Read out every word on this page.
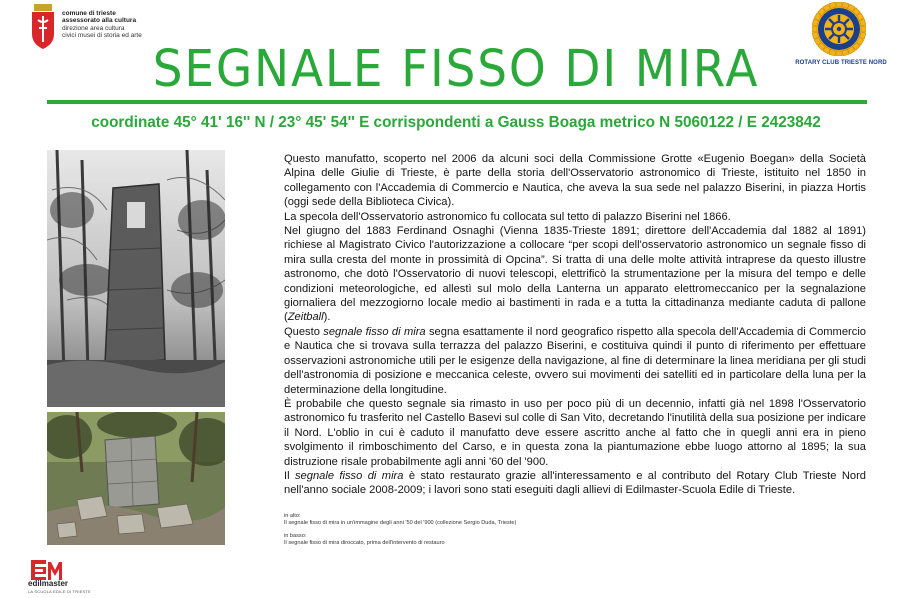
comune di trieste
assessorato alla cultura
direzione area cultura
civici musei di storia ed arte
ROTARY CLUB TRIESTE NORD
SEGNALE FISSO DI MIRA
coordinate 45° 41' 16'' N / 23° 45' 54'' E corrispondenti a Gauss Boaga metrico N 5060122 / E 2423842

Questo manufatto, scoperto nel 2006 da alcuni soci della Commissione Grotte «Eugenio Boegan» della Società Alpina delle Giulie di Trieste, è parte della storia dell'Osservatorio astronomico di Trieste, istituito nel 1850 in collegamento con l'Accademia di Commercio e Nautica, che aveva la sua sede nel palazzo Biserini, in piazza Hortis (oggi sede della Biblioteca Civica).

La specola dell'Osservatorio astronomico fu collocata sul tetto di palazzo Biserini nel 1866.

Nel giugno del 1883 Ferdinand Osnaghi (Vienna 1835-Trieste 1891; direttore dell'Accademia dal 1882 al 1891) richiese al Magistrato Civico l'autorizzazione a collocare “per scopi dell'osservatorio astronomico un segnale fisso di mira sulla cresta del monte in prossimità di Opcina”. Si tratta di una delle molte attività intraprese da questo illustre astronomo, che dotò l'Osservatorio di nuovi telescopi, elettrificò la strumentazione per la misura del tempo e delle condizioni meteorologiche, ed allestì sul molo della Lanterna un apparato elettromeccanico per la segnalazione giornaliera del mezzogiorno locale medio ai bastimenti in rada e a tutta la cittadinanza mediante caduta di pallone (Zeitball).

Questo segnale fisso di mira segna esattamente il nord geografico rispetto alla specola dell'Accademia di Commercio e Nautica che si trovava sulla terrazza del palazzo Biserini, e costituiva quindi il punto di riferimento per effettuare osservazioni astronomiche utili per le esigenze della navigazione, al fine di determinare la linea meridiana per gli studi dell'astronomia di posizione e meccanica celeste, ovvero sui movimenti dei satelliti ed in particolare della luna per la determinazione della longitudine.

È probabile che questo segnale sia rimasto in uso per poco più di un decennio, infatti già nel 1898 l'Osservatorio astronomico fu trasferito nel Castello Basevi sul colle di San Vito, decretando l'inutilità della sua posizione per indicare il Nord. L'oblio in cui è caduto il manufatto deve essere ascritto anche al fatto che in quegli anni era in pieno svolgimento il rimboschimento del Carso, e in questa zona la piantumazione ebbe luogo attorno al 1895; la sua distruzione risale probabilmente agli anni '60 del '900.

Il segnale fisso di mira è stato restaurato grazie all'interessamento e al contributo del Rotary Club Trieste Nord nell'anno sociale 2008-2009; i lavori sono stati eseguiti dagli allievi di Edilmaster-Scuola Edile di Trieste.

in alto:

Il segnale fisso di mira in un'immagine degli anni '50 del '900 (collezione Sergio Duda, Trieste)

in basso:

Il segnale fisso di mira diroccato, prima dell'intervento di restauro

edilmaster
LA SCUOLA EDILE DI TRIESTE
